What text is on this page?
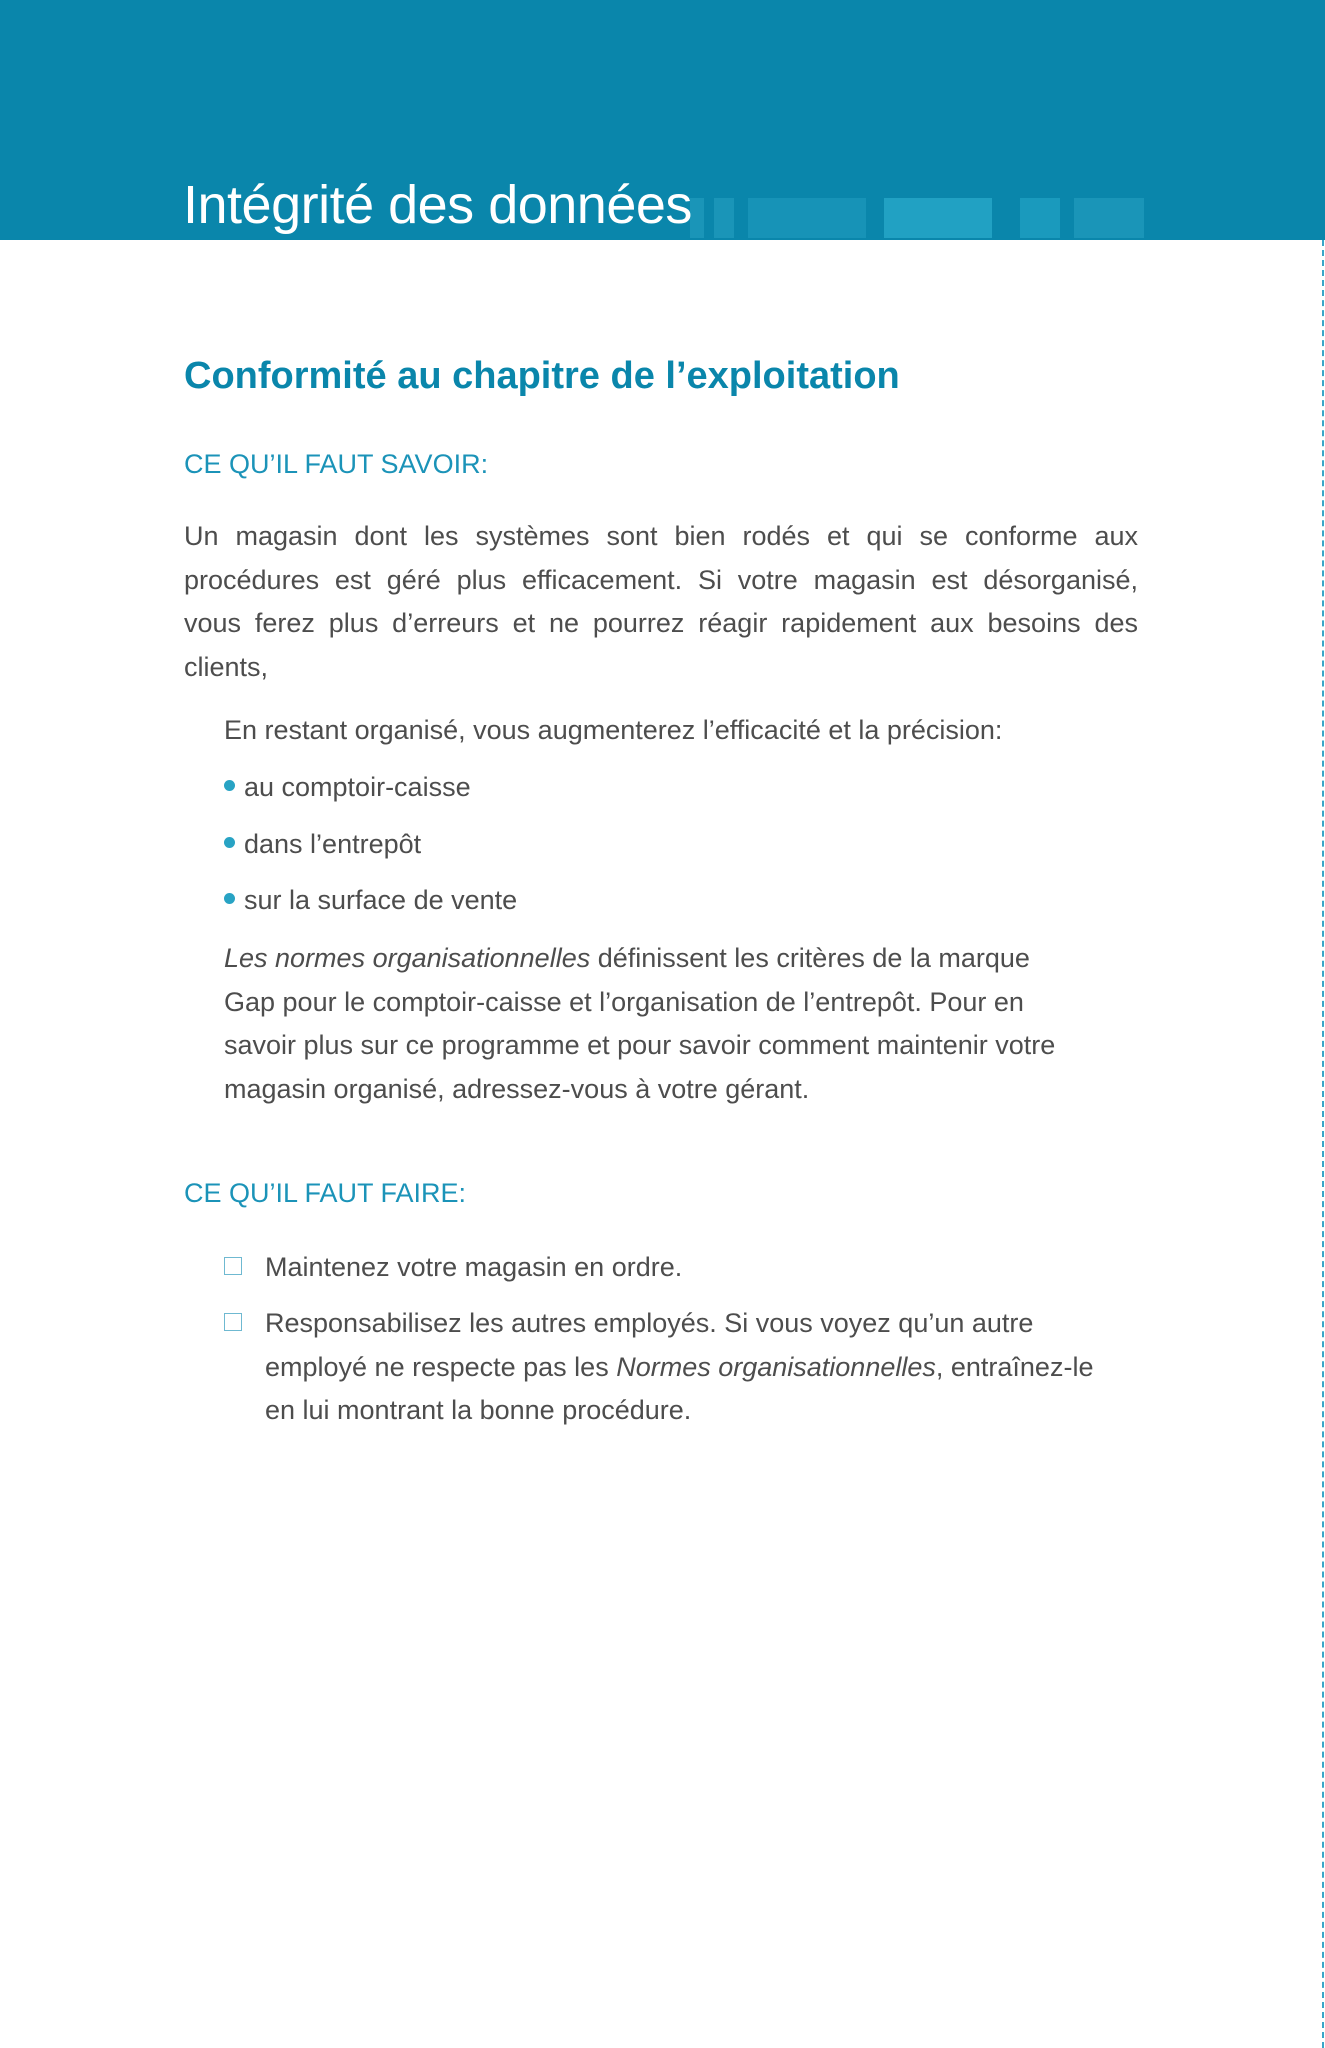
Intégrité des données
Conformité au chapitre de l’exploitation
CE QU’IL FAUT SAVOIR:
Un magasin dont les systèmes sont bien rodés et qui se conforme aux
procédures est géré plus efficacement. Si votre magasin est désorganisé,
vous ferez plus d’erreurs et ne pourrez réagir rapidement aux besoins des
clients,
En restant organisé, vous augmenterez l’efficacité et la précision:
au comptoir-caisse
dans l’entrepôt
sur la surface de vente
Les normes organisationnelles définissent les critères de la marque
Gap pour le comptoir-caisse et l’organisation de l’entrepôt. Pour en
savoir plus sur ce programme et pour savoir comment maintenir votre
magasin organisé, adressez-vous à votre gérant.
CE QU’IL FAUT FAIRE:
Maintenez votre magasin en ordre.
Responsabilisez les autres employés. Si vous voyez qu’un autre
employé ne respecte pas les Normes organisationnelles, entraînez-le
en lui montrant la bonne procédure.
